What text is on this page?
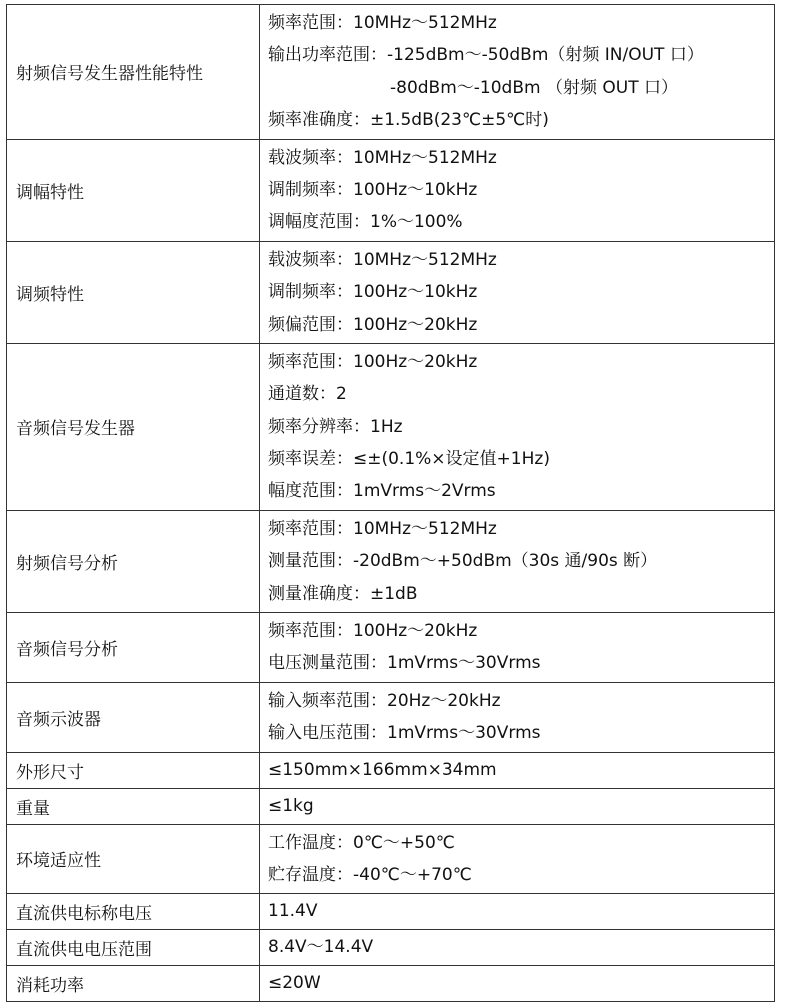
射频信号发生器性能特性	频率范围：10MHz～512MHz
输出功率范围：-125dBm～-50dBm（射频 IN/OUT 口）
-80dBm～-10dBm （射频 OUT 口）
频率准确度：±1.5dB(23℃±5℃时)

调幅特性	载波频率：10MHz～512MHz
调制频率：100Hz～10kHz
调幅度范围：1%～100%

调频特性	载波频率：10MHz～512MHz
调制频率：100Hz～10kHz
频偏范围：100Hz～20kHz

音频信号发生器	频率范围：100Hz～20kHz
通道数：2
频率分辨率：1Hz
频率误差：≤±(0.1%×设定值+1Hz)
幅度范围：1mVrms～2Vrms

射频信号分析	频率范围：10MHz～512MHz
测量范围：-20dBm～+50dBm（30s 通/90s 断）
测量准确度：±1dB

音频信号分析	频率范围：100Hz～20kHz
电压测量范围：1mVrms～30Vrms

音频示波器	输入频率范围：20Hz～20kHz
输入电压范围：1mVrms～30Vrms

外形尺寸	≤150mm×166mm×34mm

重量	≤1kg

环境适应性	工作温度：0℃～+50℃
贮存温度：-40℃～+70℃

直流供电标称电压	11.4V

直流供电电压范围	8.4V～14.4V

消耗功率	≤20W
